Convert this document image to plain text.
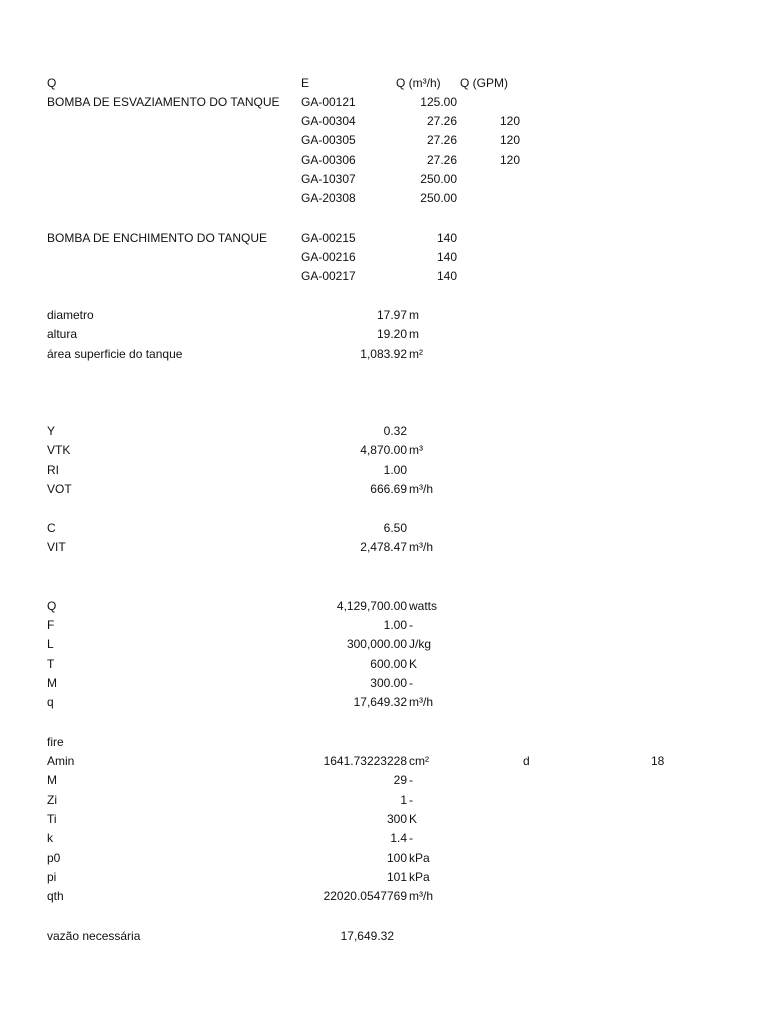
Q	E	Q (m³/h) Q (GPM)
BOMBA DE ESVAZIAMENTO DO TANQUE GA-00121	125.00
GA-00304	27.26	120
GA-00305	27.26	120
GA-00306	27.26	120
GA-10307	250.00
GA-20308	250.00
BOMBA DE ENCHIMENTO DO TANQUE	GA-00215	140
GA-00216	140
GA-00217	140
diametro	17.97 m
altura	19.20 m
área superficie do tanque	1,083.92 m²
Y	0.32
VTK	4,870.00 m³
RI	1.00
VOT	666.69 m³/h
C	6.50
VIT	2,478.47 m³/h
Q	4,129,700.00 watts
F	1.00 -
L	300,000.00 J/kg
T	600.00 K
M	300.00 -
q	17,649.32 m³/h
fire
Amin	1641.73223228 cm²	d	18
M	29 -
Zi	1 -
Ti	300 K
k	1.4 -
p0	100 kPa
pi	101 kPa
qth	22020.0547769 m³/h
vazão necessária	17,649.32
